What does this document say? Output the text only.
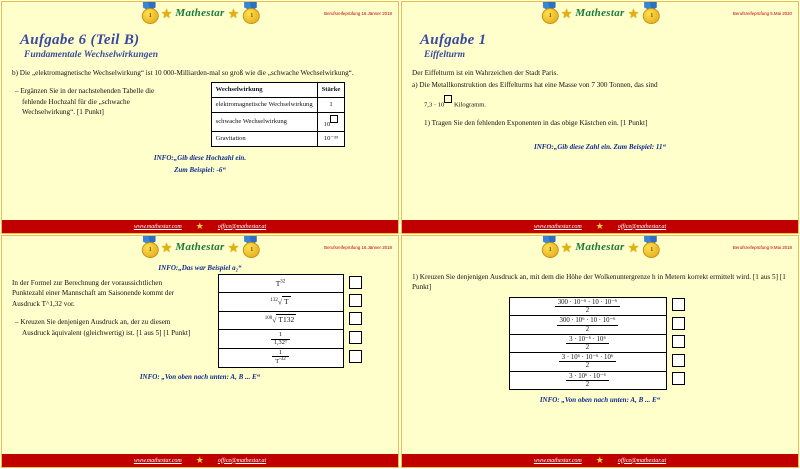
1 ★ Mathestar ★	1	Berufsreifeprüfung 16.Jänner 2018
Aufgabe 6 (Teil B)
Fundamentale Wechselwirkungen
b) Die „elektromagnetische Wechselwirkung“ ist 10 000-Milliarden-mal so groß wie die „schwache Wechselwirkung“.
– Ergänzen Sie in der nachstehenden Tabelle die fehlende Hochzahl für die „schwache Wechselwirkung“. [1 Punkt]
Wechselwirkung	Stärke
elektromagnetische Wechselwirkung	1
schwache Wechselwirkung	10
Gravitation	10⁻³⁹
INFO:„Gib diese Hochzahl ein.
Zum Beispiel: -6“
www.mathestar.com ★ office@mathestar.at
1 ★ Mathestar ★	1	Berufsreifeprüfung 5.Mai 2020
Aufgabe 1
Eiffelturm
Der Eiffelturm ist ein Wahrzeichen der Stadt Paris.
a) Die Metallkonstruktion des Eiffelturms hat eine Masse von 7 300 Tonnen, das sind
7,3 · 10 Kilogramm.
1) Tragen Sie den fehlenden Exponenten in das obige Kästchen ein. [1 Punkt]
INFO:„Gib diese Zahl ein. Zum Beispiel: 11“
www.mathestar.com ★ office@mathestar.at
1 ★ Mathestar ★	1	Berufsreifeprüfung 16.Jänner 2018
INFO:„Das war Beispiel a₂“
In der Formel zur Berechnung der voraussichtlichen Punktezahl einer Mannschaft am Saisonende kommt der Ausdruck T^1,32 vor.
– Kreuzen Sie denjenigen Ausdruck an, der zu diesem Ausdruck äquivalent (gleichwertig) ist. [1 aus 5] [1 Punkt]
$T^{32}$	
$^{132}$√ T	
$^{100}$√ T132	

$\frac{1}{\text{1,32ᵀ}}$

$\frac{1}{T^{-32}}$

INFO: „Von oben nach unten: A, B ... E“
www.mathestar.com ★ office@mathestar.at
1 ★ Mathestar ★	1	Berufsreifeprüfung 9.Mai 2018
1) Kreuzen Sie denjenigen Ausdruck an, mit dem die Höhe der Wolkenuntergrenze h in Metern korrekt ermittelt wird. [1 aus 5] [1 Punkt]
$\frac{\text{300 · 10⁻⁶ · 10 · 10⁻⁶}}{2}$

$\frac{\text{300 · 10⁶ · 10 · 10⁻⁶}}{2}$

$\frac{\text{3 · 10⁻⁶ · 10⁶}}{2}$

$\frac{\text{3 · 10⁶ · 10⁻⁶ · 10⁶}}{2}$

$\frac{\text{3 · 10⁶ · 10⁻⁶}}{2}$

INFO: „Von oben nach unten: A, B ... E“
www.mathestar.com ★ office@mathestar.at
